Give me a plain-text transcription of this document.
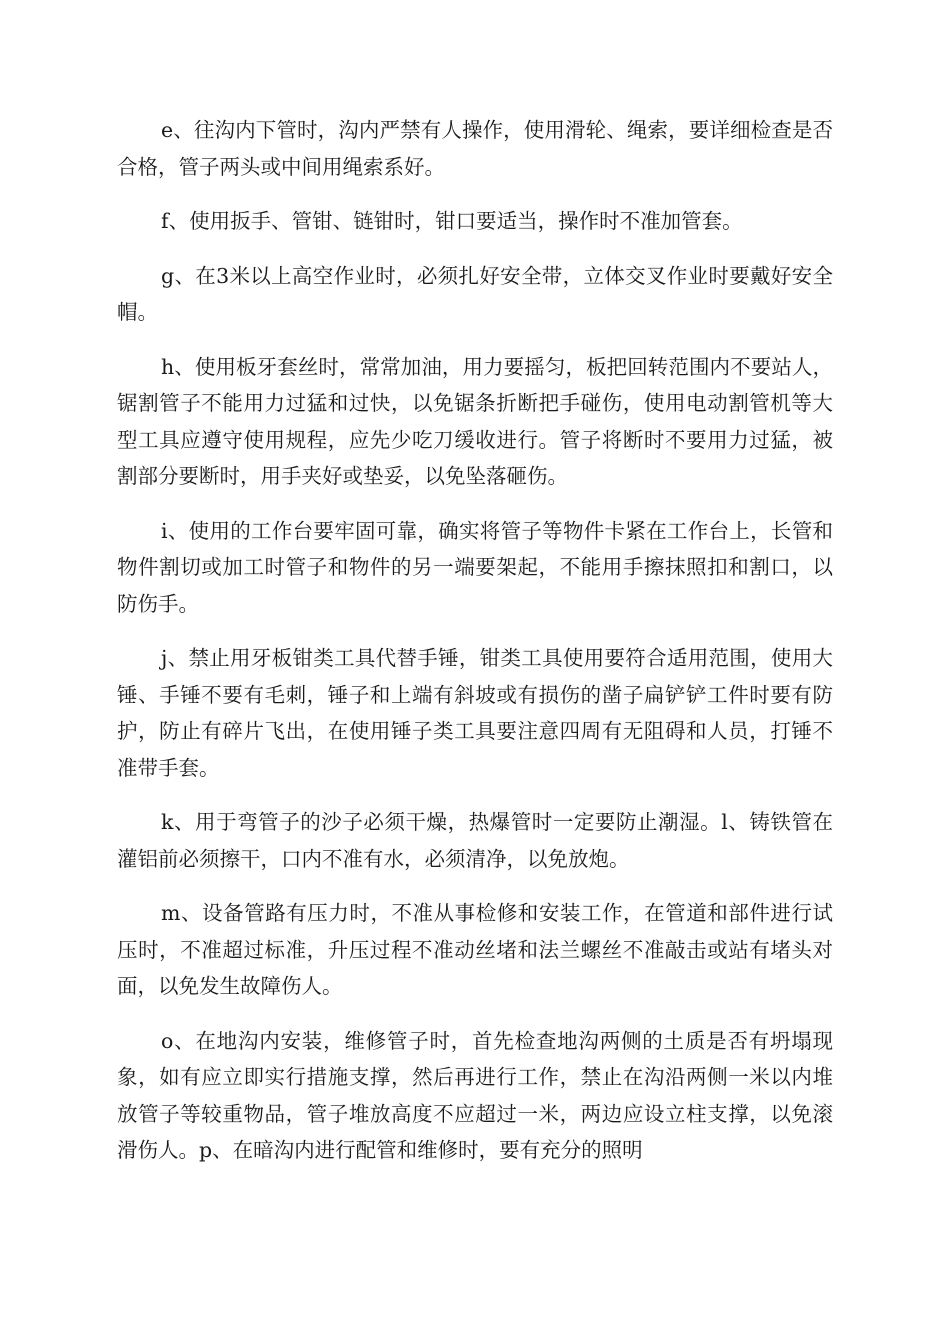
e、往沟内下管时，沟内严禁有人操作，使用滑轮、绳索，要详细检查是否合格，管子两头或中间用绳索系好。

f、使用扳手、管钳、链钳时，钳口要适当，操作时不准加管套。

g、在3米以上高空作业时，必须扎好安全带，立体交叉作业时要戴好安全帽。

h、使用板牙套丝时，常常加油，用力要摇匀，板把回转范围内不要站人，锯割管子不能用力过猛和过快，以免锯条折断把手碰伤，使用电动割管机等大型工具应遵守使用规程，应先少吃刀缓收进行。管子将断时不要用力过猛，被割部分要断时，用手夹好或垫妥，以免坠落砸伤。

i、使用的工作台要牢固可靠，确实将管子等物件卡紧在工作台上，长管和物件割切或加工时管子和物件的另一端要架起，不能用手擦抹照扣和割口，以防伤手。

j、禁止用牙板钳类工具代替手锤，钳类工具使用要符合适用范围，使用大锤、手锤不要有毛刺，锤子和上端有斜坡或有损伤的凿子扁铲铲工件时要有防护，防止有碎片飞出，在使用锤子类工具要注意四周有无阻碍和人员，打锤不准带手套。

k、用于弯管子的沙子必须干燥，热爆管时一定要防止潮湿。l、铸铁管在灌铝前必须擦干，口内不准有水，必须清净，以免放炮。

m、设备管路有压力时，不准从事检修和安装工作，在管道和部件进行试压时，不准超过标准，升压过程不准动丝堵和法兰螺丝不准敲击或站有堵头对面，以免发生故障伤人。

o、在地沟内安装，维修管子时，首先检查地沟两侧的土质是否有坍塌现象，如有应立即实行措施支撑，然后再进行工作，禁止在沟沿两侧一米以内堆放管子等较重物品，管子堆放高度不应超过一米，两边应设立柱支撑，以免滚滑伤人。p、在暗沟内进行配管和维修时，要有充分的照明
